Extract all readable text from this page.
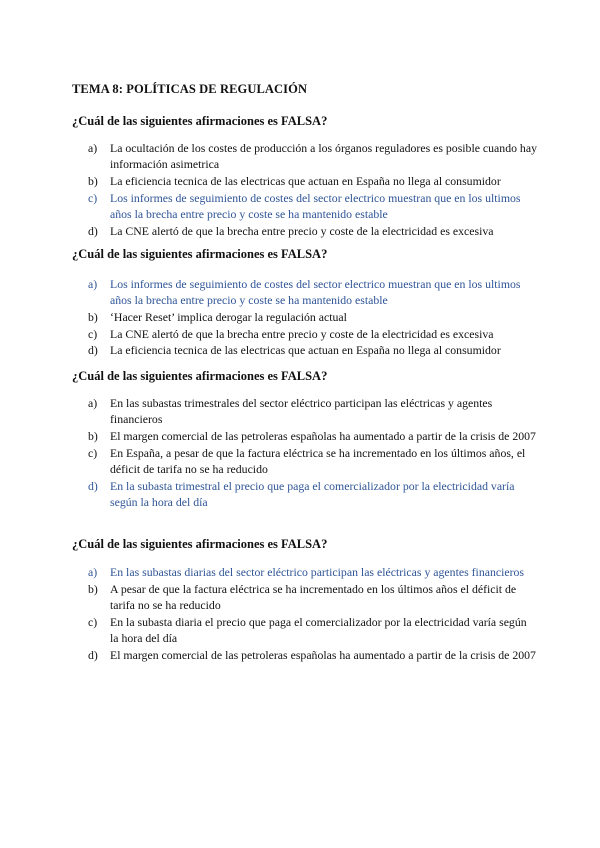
TEMA 8: POLÍTICAS DE REGULACIÓN
¿Cuál de las siguientes afirmaciones es FALSA?
a)	La ocultación de los costes de producción a los órganos reguladores es posible cuando hay información asimetrica
b)	La eficiencia tecnica de las electricas que actuan en España no llega al consumidor
c)	Los informes de seguimiento de costes del sector electrico muestran que en los ultimos años la brecha entre precio y coste se ha mantenido estable
d)	La CNE alertó de que la brecha entre precio y coste de la electricidad es excesiva
¿Cuál de las siguientes afirmaciones es FALSA?
a)	Los informes de seguimiento de costes del sector electrico muestran que en los ultimos años la brecha entre precio y coste se ha mantenido estable
b)	‘Hacer Reset’ implica derogar la regulación actual
c)	La CNE alertó de que la brecha entre precio y coste de la electricidad es excesiva
d)	La eficiencia tecnica de las electricas que actuan en España no llega al consumidor
¿Cuál de las siguientes afirmaciones es FALSA?
a)	En las subastas trimestrales del sector eléctrico participan las eléctricas y agentes financieros
b)	El margen comercial de las petroleras españolas ha aumentado a partir de la crisis de 2007
c)	En España, a pesar de que la factura eléctrica se ha incrementado en los últimos años, el déficit de tarifa no se ha reducido
d)	En la subasta trimestral el precio que paga el comercializador por la electricidad varía según la hora del día
¿Cuál de las siguientes afirmaciones es FALSA?
a)	En las subastas diarias del sector eléctrico participan las eléctricas y agentes financieros
b)	A pesar de que la factura eléctrica se ha incrementado en los últimos años el déficit de tarifa no se ha reducido
c)	En la subasta diaria el precio que paga el comercializador por la electricidad varía según la hora del día
d)	El margen comercial de las petroleras españolas ha aumentado a partir de la crisis de 2007
